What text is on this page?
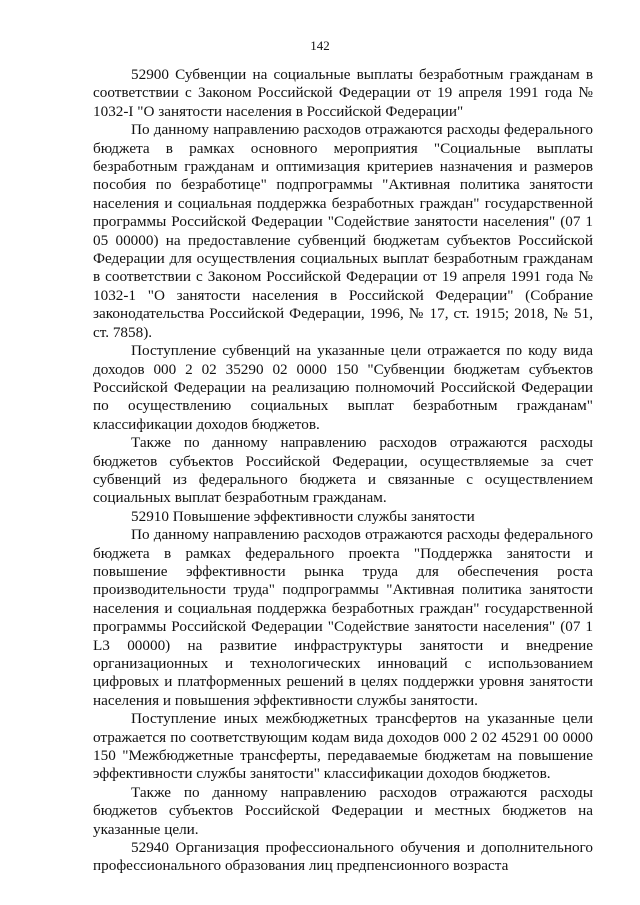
142

52900 Субвенции на социальные выплаты безработным гражданам в соответствии с Законом Российской Федерации от 19 апреля 1991 года № 1032-I "О занятости населения в Российской Федерации"

По данному направлению расходов отражаются расходы федерального бюджета в рамках основного мероприятия "Социальные выплаты безработным гражданам и оптимизация критериев назначения и размеров пособия по безработице" подпрограммы "Активная политика занятости населения и социальная поддержка безработных граждан" государственной программы Российской Федерации "Содействие занятости населения" (07 1 05 00000) на предоставление субвенций бюджетам субъектов Российской Федерации для осуществления социальных выплат безработным гражданам в соответствии с Законом Российской Федерации от 19 апреля 1991 года № 1032-1 "О занятости населения в Российской Федерации" (Собрание законодательства Российской Федерации, 1996, № 17, ст. 1915; 2018, № 51, ст. 7858).

Поступление субвенций на указанные цели отражается по коду вида доходов 000 2 02 35290 02 0000 150 "Субвенции бюджетам субъектов Российской Федерации на реализацию полномочий Российской Федерации по осуществлению социальных выплат безработным гражданам" классификации доходов бюджетов.

Также по данному направлению расходов отражаются расходы бюджетов субъектов Российской Федерации, осуществляемые за счет субвенций из федерального бюджета и связанные с осуществлением социальных выплат безработным гражданам.

52910 Повышение эффективности службы занятости

По данному направлению расходов отражаются расходы федерального бюджета в рамках федерального проекта "Поддержка занятости и повышение эффективности рынка труда для обеспечения роста производительности труда" подпрограммы "Активная политика занятости населения и социальная поддержка безработных граждан" государственной программы Российской Федерации "Содействие занятости населения" (07 1 L3 00000) на развитие инфраструктуры занятости и внедрение организационных и технологических инноваций с использованием цифровых и платформенных решений в целях поддержки уровня занятости населения и повышения эффективности службы занятости.

Поступление иных межбюджетных трансфертов на указанные цели отражается по соответствующим кодам вида доходов 000 2 02 45291 00 0000 150 "Межбюджетные трансферты, передаваемые бюджетам на повышение эффективности службы занятости" классификации доходов бюджетов.

Также по данному направлению расходов отражаются расходы бюджетов субъектов Российской Федерации и местных бюджетов на указанные цели.

52940 Организация профессионального обучения и дополнительного профессионального образования лиц предпенсионного возраста
